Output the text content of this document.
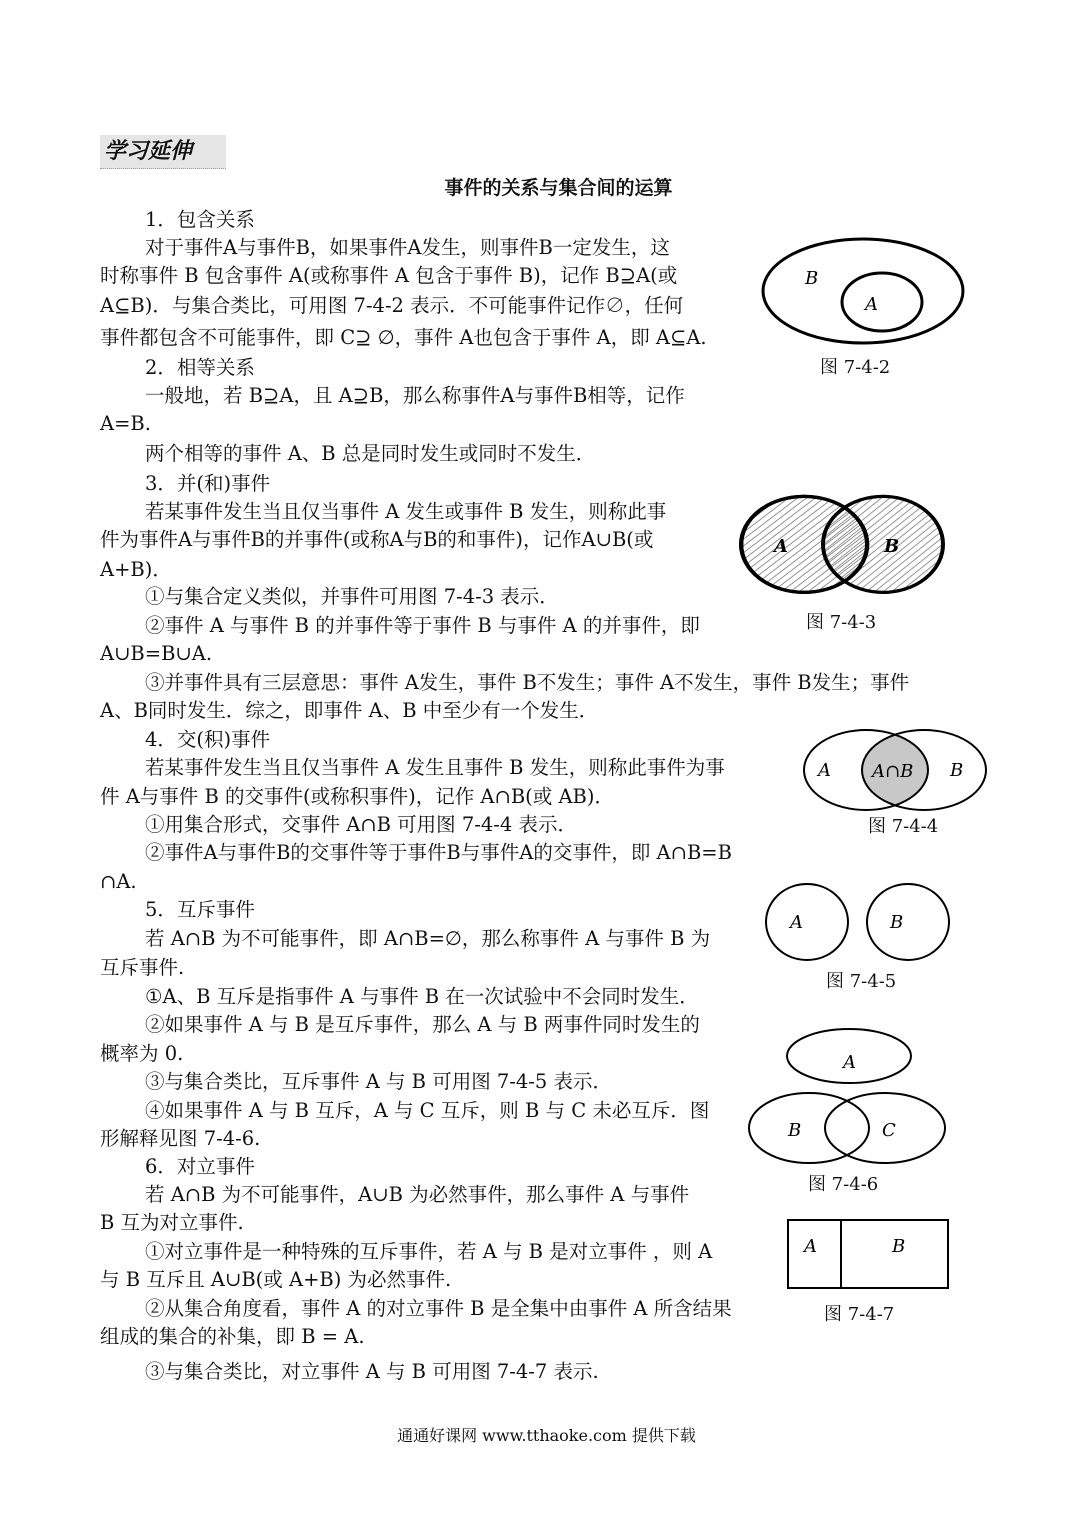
学习延伸
事件的关系与集合间的运算
1．包含关系
对于事件A与事件B，如果事件A发生，则事件B一定发生，这
时称事件 B 包含事件 A(或称事件 A 包含于事件 B)，记作 B⊇A(或
A⊆B)．与集合类比，可用图 7-4-2 表示．不可能事件记作∅，任何
事件都包含不可能事件，即 C⊇ ∅，事件 A也包含于事件 A，即 A⊆A.
2．相等关系
一般地，若 B⊇A，且 A⊇B，那么称事件A与事件B相等，记作
A=B.
两个相等的事件 A、B 总是同时发生或同时不发生．
3．并(和)事件
若某事件发生当且仅当事件 A 发生或事件 B 发生，则称此事
件为事件A与事件B的并事件(或称A与B的和事件)，记作A∪B(或
A+B)．
①与集合定义类似，并事件可用图 7-4-3 表示．
②事件 A 与事件 B 的并事件等于事件 B 与事件 A 的并事件，即
A∪B=B∪A.
③并事件具有三层意思：事件 A发生，事件 B不发生；事件 A不发生，事件 B发生；事件
A、B同时发生．综之，即事件 A、B 中至少有一个发生．
4．交(积)事件
若某事件发生当且仅当事件 A 发生且事件 B 发生，则称此事件为事
件 A与事件 B 的交事件(或称积事件)，记作 A∩B(或 AB)．
①用集合形式，交事件 A∩B 可用图 7-4-4 表示．
②事件A与事件B的交事件等于事件B与事件A的交事件，即 A∩B=B
∩A.
5．互斥事件
若 A∩B 为不可能事件，即 A∩B=∅，那么称事件 A 与事件 B 为
互斥事件.
①A、B 互斥是指事件 A 与事件 B 在一次试验中不会同时发生．
②如果事件 A 与 B 是互斥事件，那么 A 与 B 两事件同时发生的
概率为 0.
③与集合类比，互斥事件 A 与 B 可用图 7-4-5 表示．
④如果事件 A 与 B 互斥，A 与 C 互斥，则 B 与 C 未必互斥．图
形解释见图 7-4-6.
6．对立事件
若 A∩B 为不可能事件，A∪B 为必然事件，那么事件 A 与事件
B 互为对立事件.
①对立事件是一种特殊的互斥事件，若 A 与 B 是对立事件 ，则 A
与 B 互斥且 A∪B(或 A+B) 为必然事件.
②从集合角度看，事件 A 的对立事件 B 是全集中由事件 A 所含结果
组成的集合的补集，即 B = A.
③与集合类比，对立事件 A 与 B 可用图 7-4-7 表示.
B
A
图 7-4-2
A	B
图 7-4-3
A A∩B B
图 7-4-4
A	B
图 7-4-5
A
B	C
图 7-4-6
A	B
图 7-4-7
通通好课网 www.tthaoke.com 提供下载
